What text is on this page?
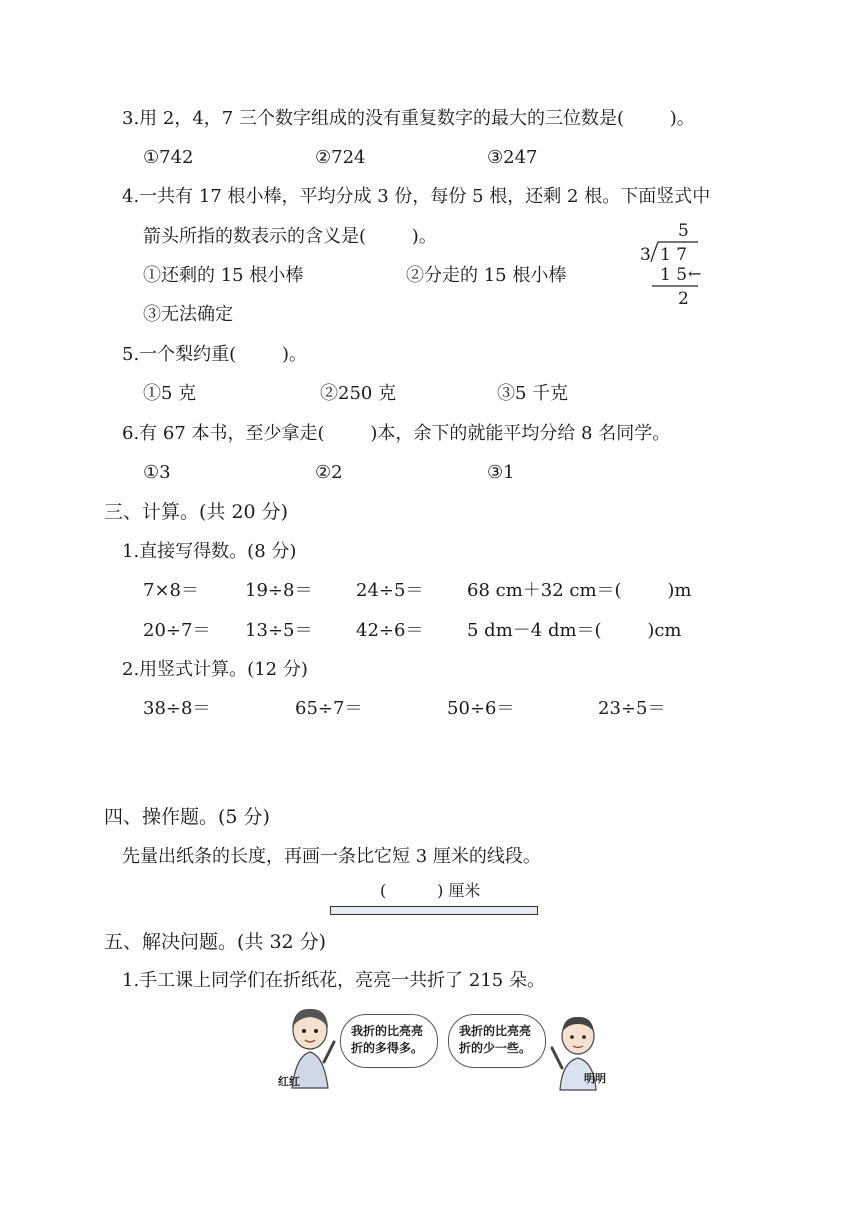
3.用 2，4，7 三个数字组成的没有重复数字的最大的三位数是(        )。
①742	②724	③247
4.一共有 17 根小棒，平均分成 3 份，每份 5 根，还剩 2 根。下面竖式中
箭头所指的数表示的含义是(        )。
①还剩的 15 根小棒	②分走的 15 根小棒
③无法确定
5
3 1 7
1 5 ←
2
5.一个梨约重(        )。
①5 克	②250 克	③5 千克
6.有 67 本书，至少拿走(        )本，余下的就能平均分给 8 名同学。
①3	②2	③1
三、计算。(共 20 分)
1.直接写得数。(8 分)
7×8＝	19÷8＝ 24÷5＝ 68 cm＋32 cm＝(        )m
20÷7＝ 13÷5＝ 42÷6＝ 5 dm－4 dm＝(        )cm
2.用竖式计算。(12 分)
38÷8＝	65÷7＝	50÷6＝	23÷5＝
四、操作题。(5 分)
先量出纸条的长度，再画一条比它短 3 厘米的线段。
(          ) 厘米
五、解决问题。(共 32 分)
1.手工课上同学们在折纸花，亮亮一共折了 215 朵。
我折的比亮亮
折的多得多。
我折的比亮亮
折的少一些。
红红	明明
